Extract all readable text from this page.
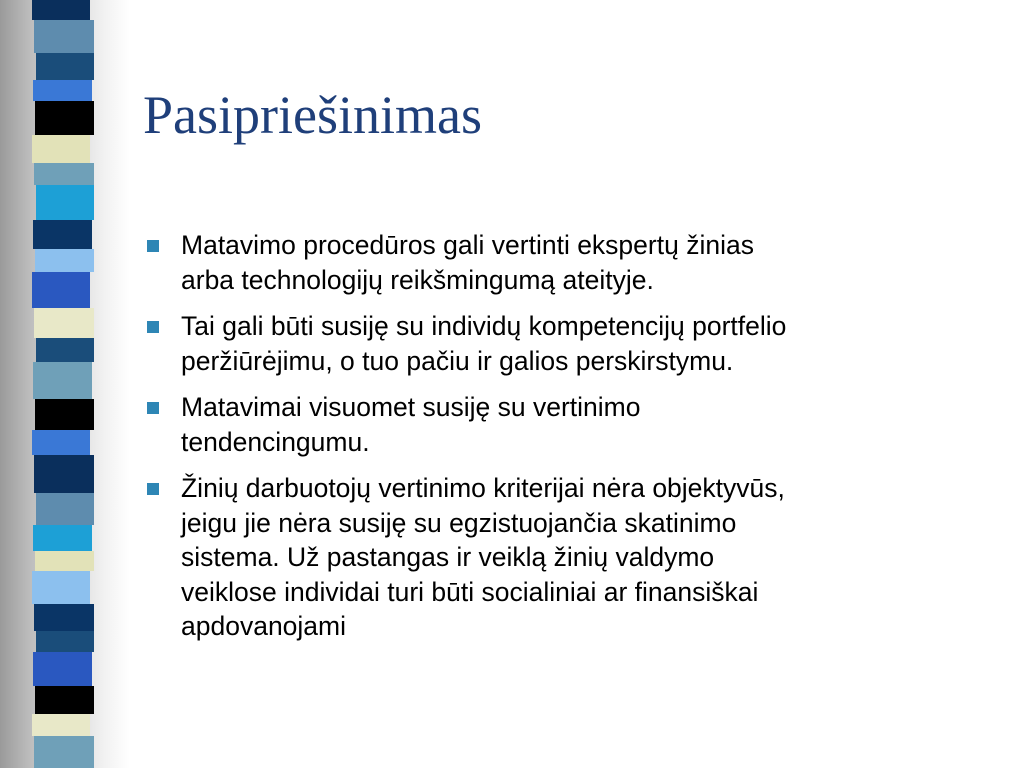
Pasipriešinimas
Matavimo procedūros gali vertinti ekspertų žinias
arba technologijų reikšmingumą ateityje.
Tai gali būti susiję su individų kompetencijų portfelio
peržiūrėjimu, o tuo pačiu ir galios perskirstymu.
Matavimai visuomet susiję su vertinimo
tendencingumu.
Žinių darbuotojų vertinimo kriterijai nėra objektyvūs,
jeigu jie nėra susiję su egzistuojančia skatinimo
sistema. Už pastangas ir veiklą žinių valdymo
veiklose individai turi būti socialiniai ar finansiškai
apdovanojami
